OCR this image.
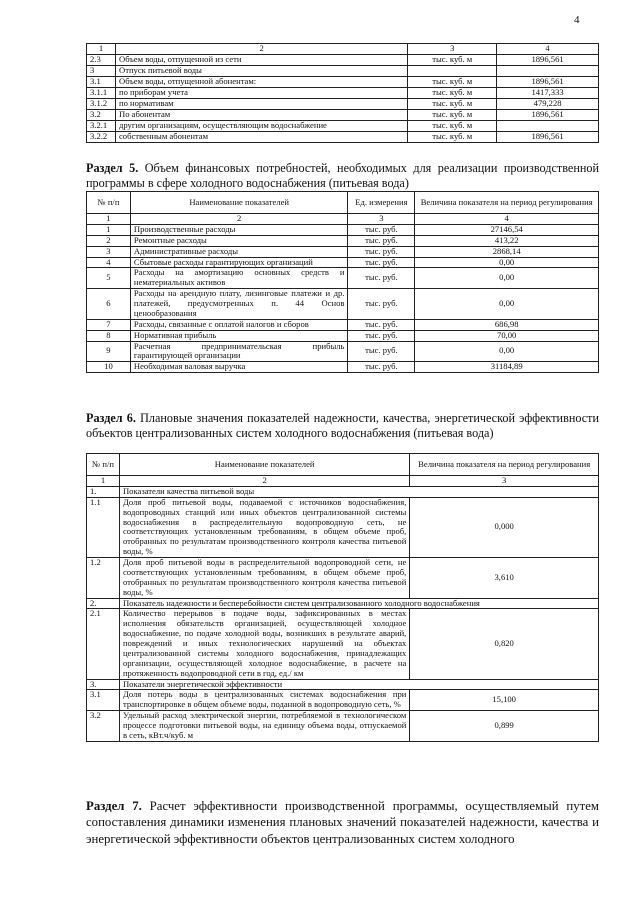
4
1	2	3	4
2.3	Объем воды, отпущенной из сети	тыс. куб. м	1896,561
3	Отпуск питьевой воды		
3.1	Объем воды, отпущенной абонентам:	тыс. куб. м	1896,561
3.1.1	по приборам учета	тыс. куб. м	1417,333
3.1.2	по нормативам	тыс. куб. м	479,228
3.2	По абонентам	тыс. куб. м	1896,561
3.2.1	другим организациям, осуществляющим водоснабжение	тыс. куб. м	
3.2.2	собственным абонентам	тыс. куб. м	1896,561

Раздел 5. Объем финансовых потребностей, необходимых для реализации производственной программы в сфере холодного водоснабжения (питьевая вода)

№ п/п	Наименование показателей	Ед. измерения	Величина показателя на период регулирования
1	2	3	4
1	Производственные расходы	тыс. руб.	27146,54
2	Ремонтные расходы	тыс. руб.	413,22
3	Административные расходы	тыс. руб.	2868,14
4	Сбытовые расходы гарантирующих организаций	тыс. руб.	0,00
5	Расходы на амортизацию основных средств и нематериальных активов	тыс. руб.	0,00
6	Расходы на арендную плату, лизинговые платежи и др. платежей, предусмотренных п. 44 Основ ценообразования	тыс. руб.	0,00
7	Расходы, связанные с оплатой налогов и сборов	тыс. руб.	686,98
8	Нормативная прибыль	тыс. руб.	70,00
9	Расчетная предпринимательская прибыль гарантирующей организации	тыс. руб.	0,00
10	Необходимая валовая выручка	тыс. руб.	31184,89

Раздел 6. Плановые значения показателей надежности, качества, энергетической эффективности объектов централизованных систем холодного водоснабжения (питьевая вода)

№ п/п	Наименование показателей	Величина показателя на период регулирования
1	2	3
1.	Показатели качества питьевой воды	
1.1	Доля проб питьевой воды, подаваемой с источников водоснабжения, водопроводных станций или иных объектов централизованной системы водоснабжения в распределительную водопроводную сеть, не соответствующих установленным требованиям, в общем объеме проб, отобранных по результатам производственного контроля качества питьевой воды, %	0,000
1.2	Доля проб питьевой воды в распределительной водопроводной сети, не соответствующих установленным требованиям, в общем объеме проб, отобранных по результатам производственного контроля качества питьевой воды, %	3,610
2.	Показатель надежности и бесперебойности систем централизованного холодного водоснабжения	
2.1	Количество перерывов в подаче воды, зафиксированных в местах исполнения обязательств организацией, осуществляющей холодное водоснабжение, по подаче холодной воды, возникших в результате аварий, повреждений и иных технологических нарушений на объектах централизованной системы холодного водоснабжения, принадлежащих организации, осуществляющей холодное водоснабжение, в расчете на протяженность водопроводной сети в год, ед./ км	0,820
3.	Показатели энергетической эффективности	
3.1	Доля потерь воды в централизованных системах водоснабжения при транспортировке в общем объеме воды, поданной в водопроводную сеть, %	15,100
3.2	Удельный расход электрической энергии, потребляемой в технологическом процессе подготовки питьевой воды, на единицу объема воды, отпускаемой в сеть, кВт.ч/куб. м	0,899

Раздел 7. Расчет эффективности производственной программы, осуществляемый путем сопоставления динамики изменения плановых значений показателей надежности, качества и энергетической эффективности объектов централизованных систем холодного
